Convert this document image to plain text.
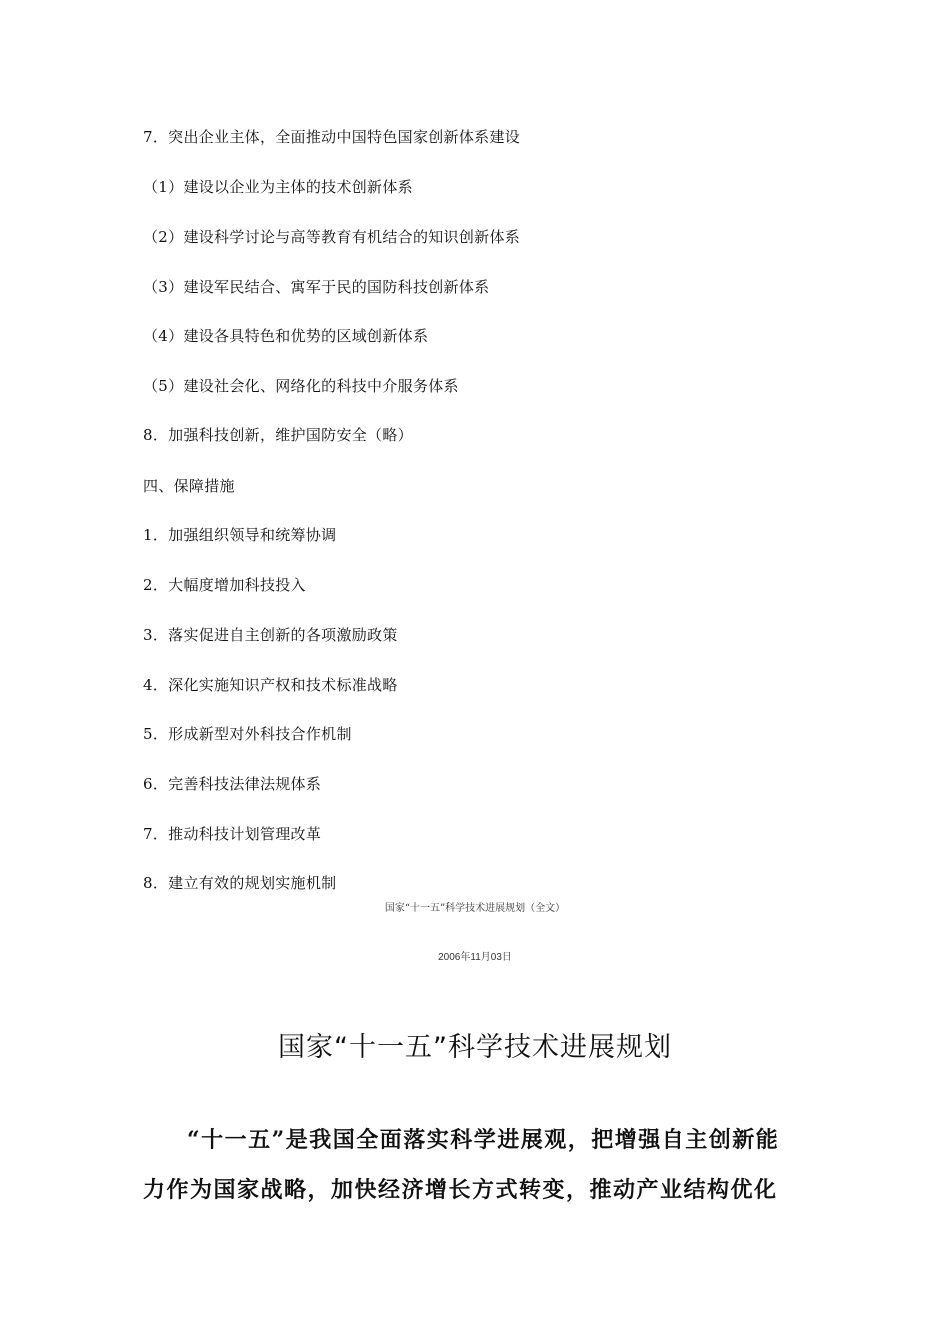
7．突出企业主体，全面推动中国特色国家创新体系建设
（1）建设以企业为主体的技术创新体系
（2）建设科学讨论与高等教育有机结合的知识创新体系
（3）建设军民结合、寓军于民的国防科技创新体系
（4）建设各具特色和优势的区域创新体系
（5）建设社会化、网络化的科技中介服务体系
8．加强科技创新，维护国防安全（略）
四、保障措施
1．加强组织领导和统筹协调
2．大幅度增加科技投入
3．落实促进自主创新的各项激励政策
4．深化实施知识产权和技术标准战略
5．形成新型对外科技合作机制
6．完善科技法律法规体系
7．推动科技计划管理改革
8．建立有效的规划实施机制
国家“十一五”科学技术进展规划（全文）
2006年11月03日
国家“十一五”科学技术进展规划
“十一五”是我国全面落实科学进展观，把增强自主创新能
力作为国家战略，加快经济增长方式转变，推动产业结构优化
